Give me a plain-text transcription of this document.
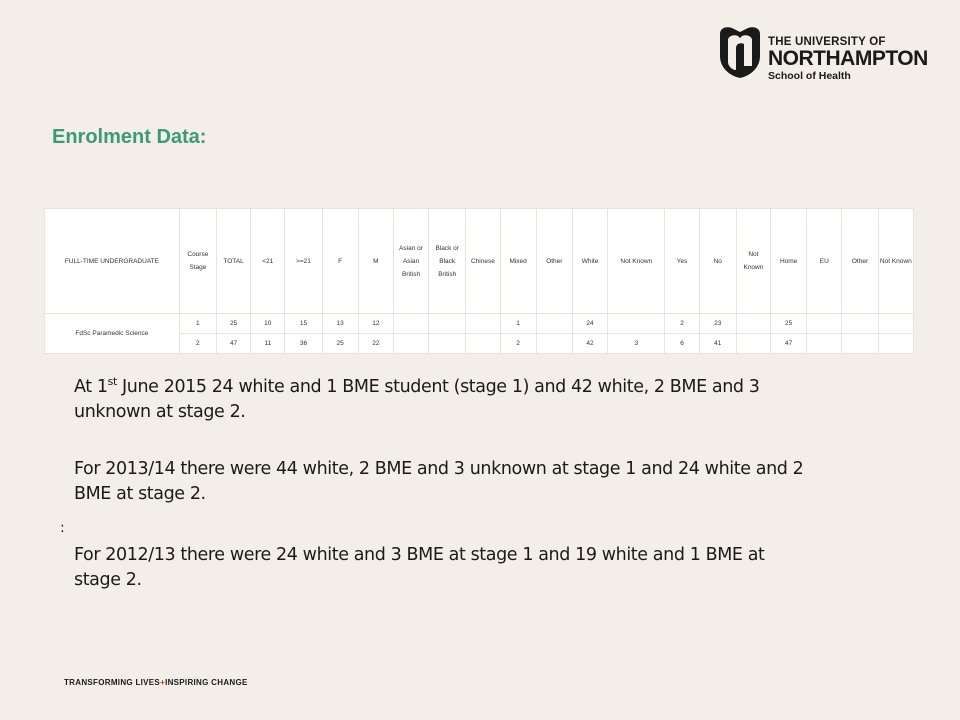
THE UNIVERSITY OF
NORTHAMPTON
School of Health
Enrolment Data:
FULL-TIME UNDERGRADUATE	Course Stage	TOTAL	<21	>=21	F	M	Asian or Asian British	Black or Black British	Chinese	Mixed	Other	White	Not Known	Yes	No	Not Known	Home	EU	Other	Not Known
FdSc Paramedic Science	1	25	10	15	13	12				1		24		2	23		25			
	2	47	11	36	25	22				2		42	3	6	41		47			
At 1st June 2015 24 white and 1 BME student (stage 1) and 42 white, 2 BME and 3 unknown at stage 2.
For 2013/14 there were 44 white, 2 BME and 3 unknown at stage 1 and 24 white and 2 BME at stage 2.
:
For 2012/13 there were 24 white and 3 BME at stage 1 and 19 white and 1 BME at stage 2.
TRANSFORMING LIVES+INSPIRING CHANGE
